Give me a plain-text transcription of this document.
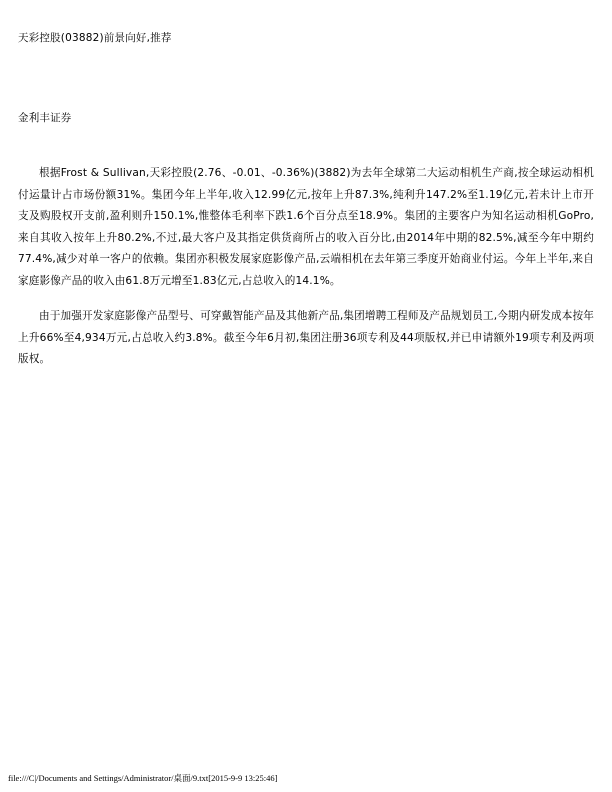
天彩控股(03882)前景向好,推荐
金利丰证券

根据Frost & Sullivan,天彩控股(2.76、-0.01、-0.36%)(3882)为去年全球第二大运动相机生产商,按全球运动相机付运量计占市场份额31%。集团今年上半年,收入12.99亿元,按年上升87.3%,纯利升147.2%至1.19亿元,若未计上市开支及购股权开支前,盈利则升150.1%,惟整体毛利率下跌1.6个百分点至18.9%。集团的主要客户为知名运动相机GoPro,来自其收入按年上升80.2%,不过,最大客户及其指定供货商所占的收入百分比,由2014年中期的82.5%,减至今年中期约77.4%,减少对单一客户的依赖。集团亦积极发展家庭影像产品,云端相机在去年第三季度开始商业付运。今年上半年,来自家庭影像产品的收入由61.8万元增至1.83亿元,占总收入的14.1%。

由于加强开发家庭影像产品型号、可穿戴智能产品及其他新产品,集团增聘工程师及产品规划员工,今期内研发成本按年上升66%至4,934万元,占总收入约3.8%。截至今年6月初,集团注册36项专利及44项版权,并已申请额外19项专利及两项版权。

file:///C|/Documents and Settings/Administrator/桌面/9.txt[2015-9-9 13:25:46]
